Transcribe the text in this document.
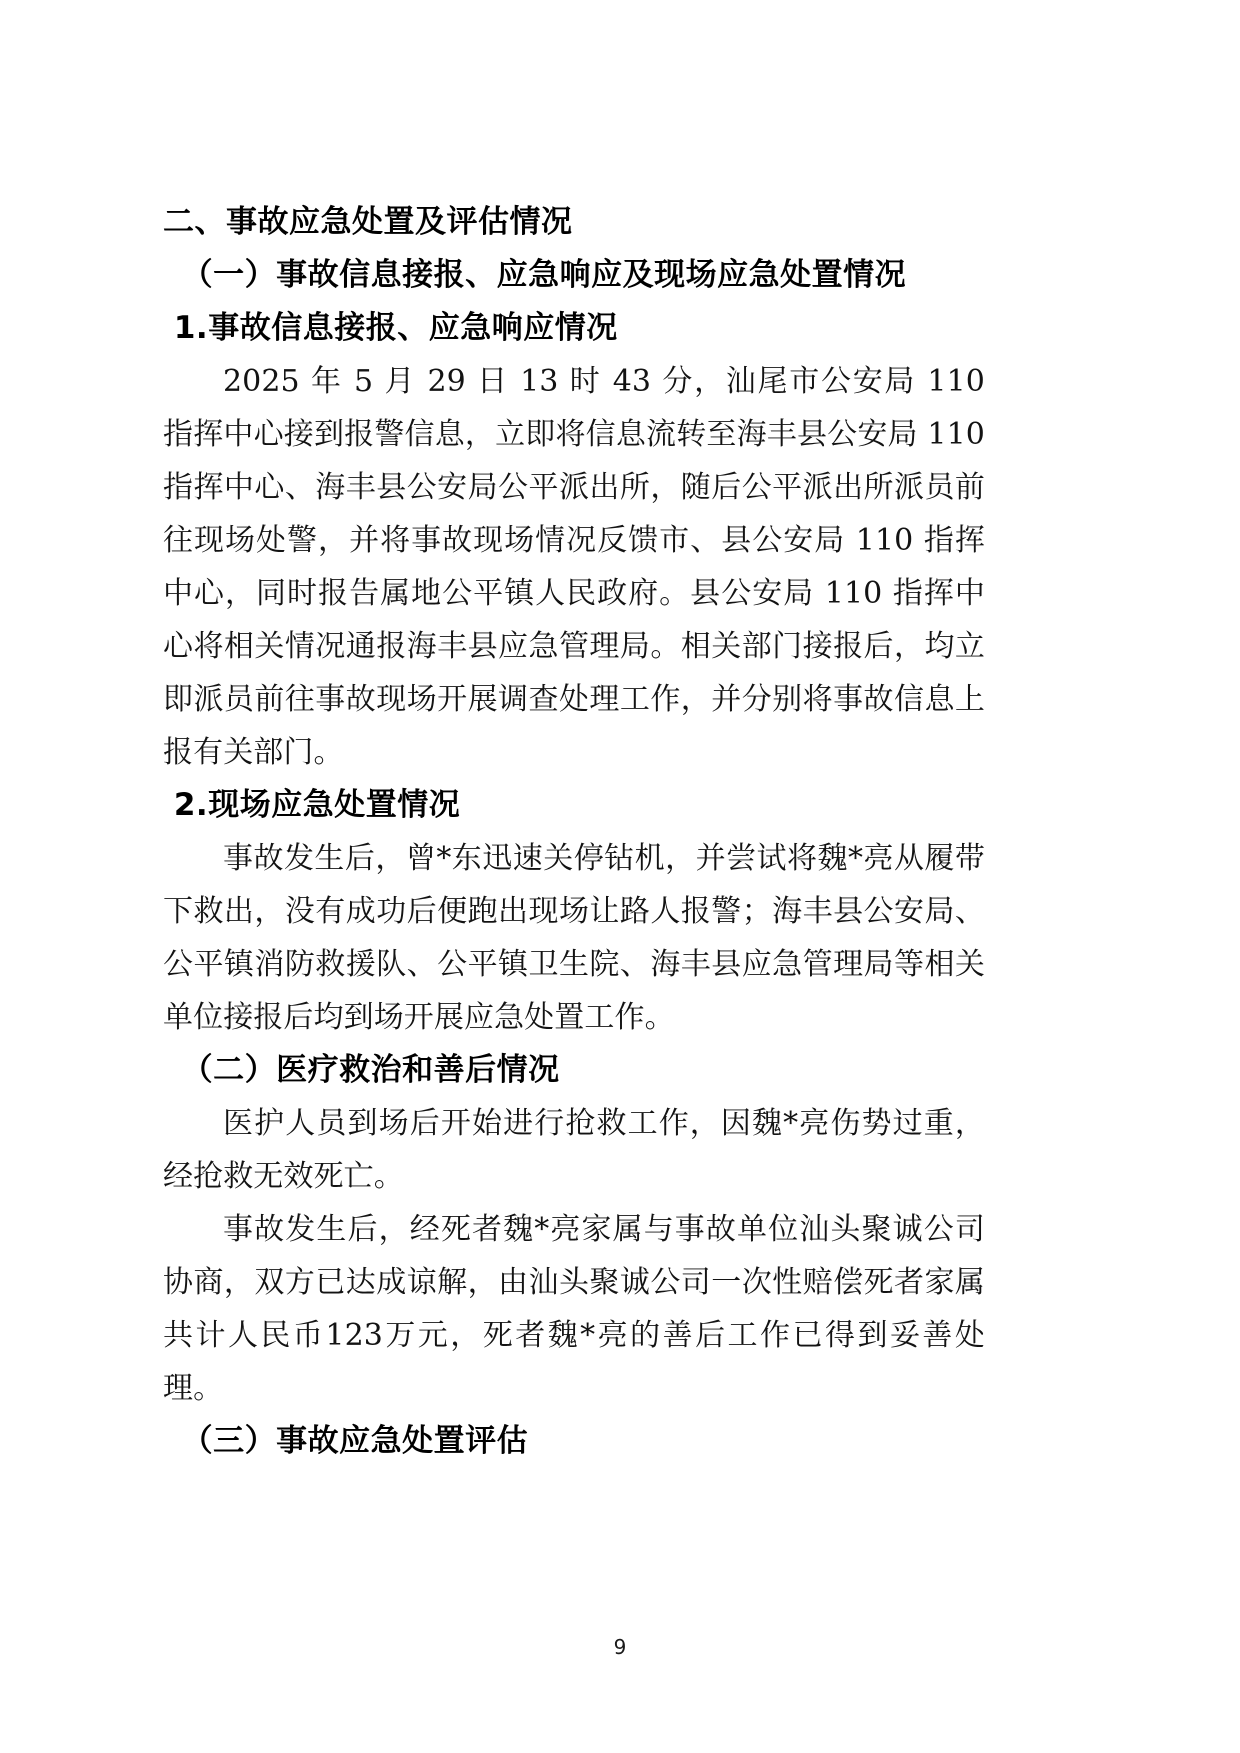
二、事故应急处置及评估情况
（一）事故信息接报、应急响应及现场应急处置情况
1.事故信息接报、应急响应情况

2025 年 5 月 29 日 13 时 43 分，汕尾市公安局 110 指挥中心接到报警信息，立即将信息流转至海丰县公安局 110 指挥中心、海丰县公安局公平派出所，随后公平派出所派员前往现场处警，并将事故现场情况反馈市、县公安局 110 指挥中心，同时报告属地公平镇人民政府。县公安局 110 指挥中心将相关情况通报海丰县应急管理局。相关部门接报后，均立即派员前往事故现场开展调查处理工作，并分别将事故信息上报有关部门。

2.现场应急处置情况

事故发生后，曾*东迅速关停钻机，并尝试将魏*亮从履带下救出，没有成功后便跑出现场让路人报警；海丰县公安局、公平镇消防救援队、公平镇卫生院、海丰县应急管理局等相关单位接报后均到场开展应急处置工作。

（二）医疗救治和善后情况

医护人员到场后开始进行抢救工作，因魏*亮伤势过重，经抢救无效死亡。

事故发生后，经死者魏*亮家属与事故单位汕头聚诚公司协商，双方已达成谅解，由汕头聚诚公司一次性赔偿死者家属共计人民币123万元，死者魏*亮的善后工作已得到妥善处理。

（三）事故应急处置评估
9
